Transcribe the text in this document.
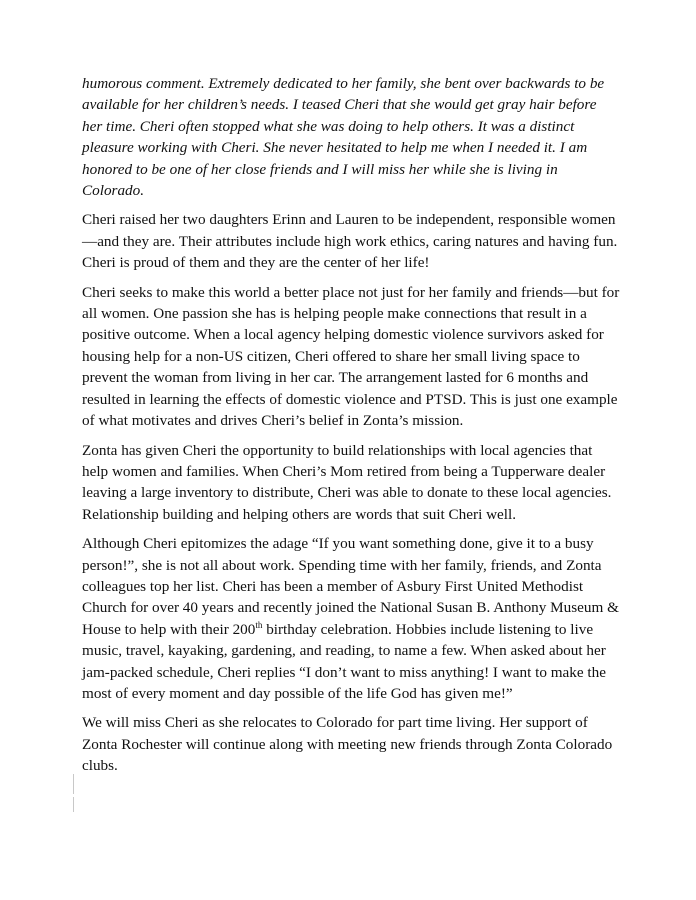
humorous comment. Extremely dedicated to her family, she bent over backwards to be available for her children’s needs. I teased Cheri that she would get gray hair before her time. Cheri often stopped what she was doing to help others. It was a distinct pleasure working with Cheri. She never hesitated to help me when I needed it. I am honored to be one of her close friends and I will miss her while she is living in Colorado.

Cheri raised her two daughters Erinn and Lauren to be independent, responsible women—and they are. Their attributes include high work ethics, caring natures and having fun. Cheri is proud of them and they are the center of her life!

Cheri seeks to make this world a better place not just for her family and friends—but for all women. One passion she has is helping people make connections that result in a positive outcome. When a local agency helping domestic violence survivors asked for housing help for a non-US citizen, Cheri offered to share her small living space to prevent the woman from living in her car. The arrangement lasted for 6 months and resulted in learning the effects of domestic violence and PTSD. This is just one example of what motivates and drives Cheri’s belief in Zonta’s mission.

Zonta has given Cheri the opportunity to build relationships with local agencies that help women and families. When Cheri’s Mom retired from being a Tupperware dealer leaving a large inventory to distribute, Cheri was able to donate to these local agencies. Relationship building and helping others are words that suit Cheri well.

Although Cheri epitomizes the adage “If you want something done, give it to a busy person!”, she is not all about work. Spending time with her family, friends, and Zonta colleagues top her list. Cheri has been a member of Asbury First United Methodist Church for over 40 years and recently joined the National Susan B. Anthony Museum & House to help with their 200th birthday celebration. Hobbies include listening to live music, travel, kayaking, gardening, and reading, to name a few. When asked about her jam-packed schedule, Cheri replies “I don’t want to miss anything! I want to make the most of every moment and day possible of the life God has given me!”

We will miss Cheri as she relocates to Colorado for part time living. Her support of Zonta Rochester will continue along with meeting new friends through Zonta Colorado clubs.
